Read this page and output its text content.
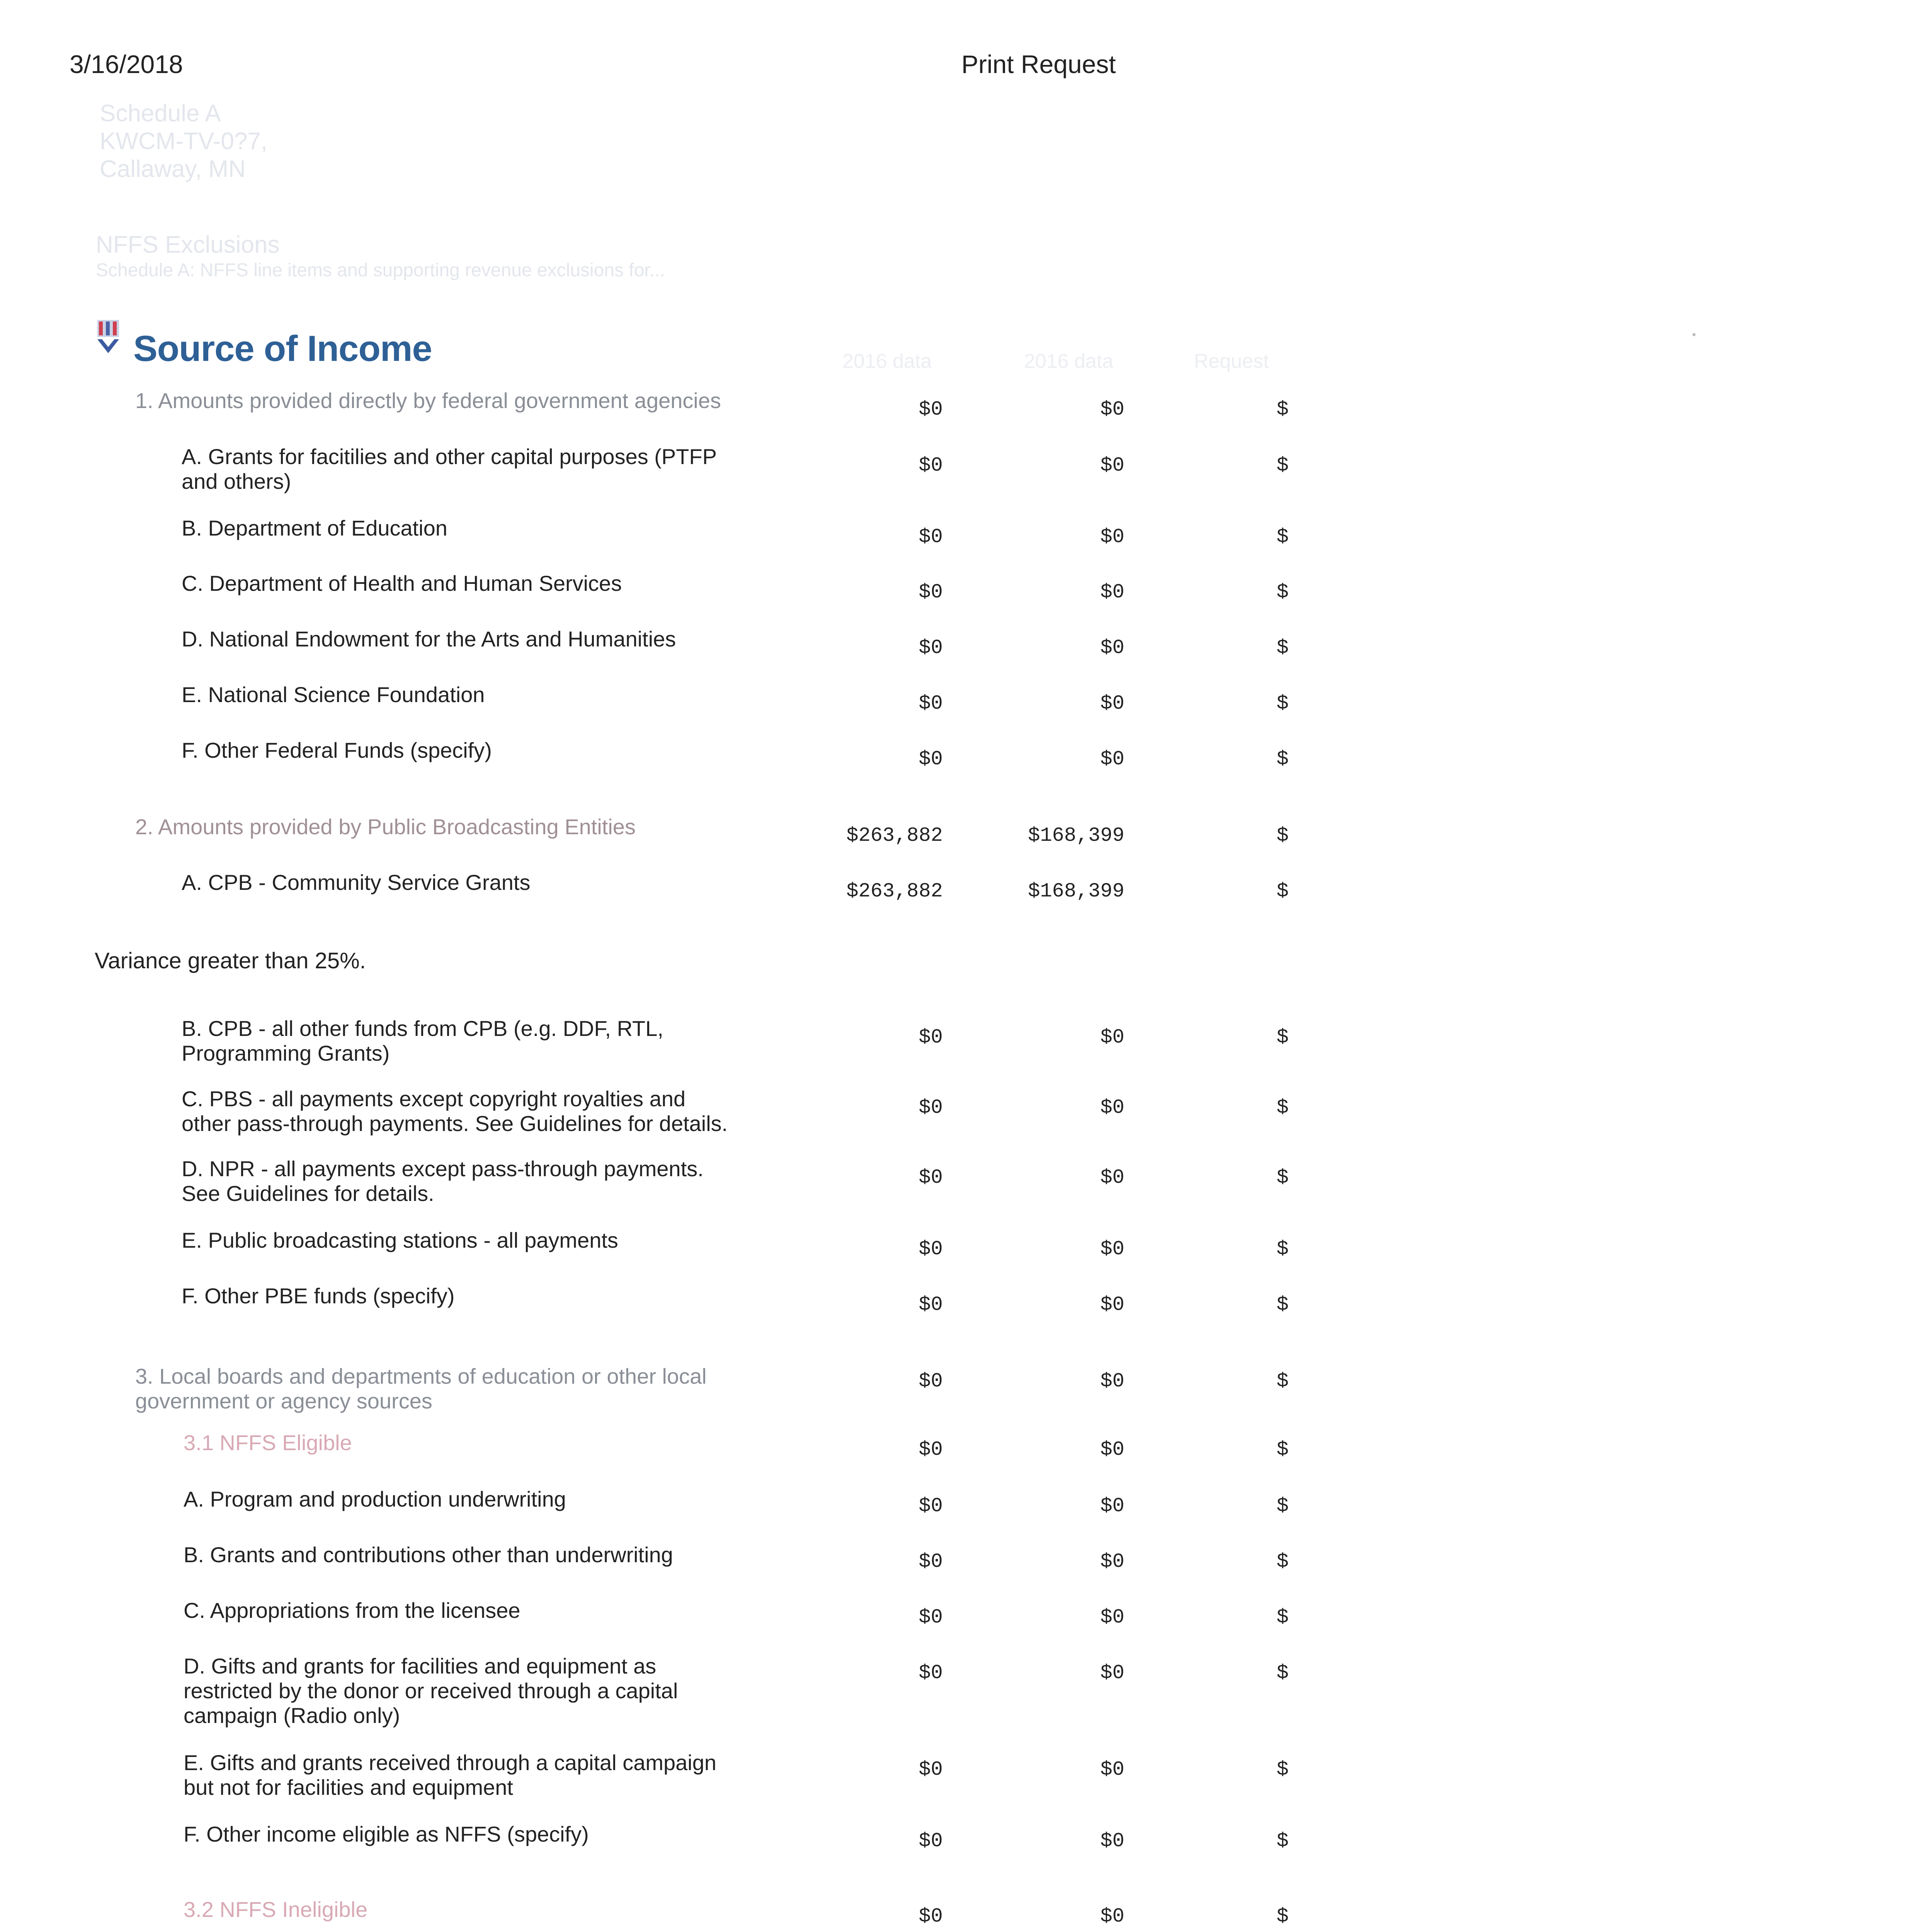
3/16/2018	Print Request
Schedule A
KWCM-TV-0?7,
Callaway, MN
NFFS Exclusions
Schedule A: NFFS line items and supporting revenue exclusions for...
Source of Income	2016 data	2016 data	Request
1. Amounts provided directly by federal government agencies	$0	$0	$
A. Grants for facitilies and other capital purposes (PTFP
and others)
$0	$0	$
B. Department of Education	$0	$0	$
C. Department of Health and Human Services	$0	$0	$
D. National Endowment for the Arts and Humanities	$0	$0	$
E. National Science Foundation	$0	$0	$
F. Other Federal Funds (specify)	$0	$0	$
2. Amounts provided by Public Broadcasting Entities	$263,882	$168,399	$
A. CPB - Community Service Grants	$263,882	$168,399	$
Variance greater than 25%.
B. CPB - all other funds from CPB (e.g. DDF, RTL,
Programming Grants)
$0	$0	$
C. PBS - all payments except copyright royalties and
other pass-through payments. See Guidelines for details.
$0	$0	$
D. NPR - all payments except pass-through payments.
See Guidelines for details.
$0	$0	$
E. Public broadcasting stations - all payments	$0	$0	$
F. Other PBE funds (specify)	$0	$0	$
3. Local boards and departments of education or other local
government or agency sources
$0	$0	$
3.1 NFFS Eligible	$0	$0	$
A. Program and production underwriting	$0	$0	$
B. Grants and contributions other than underwriting	$0	$0	$
C. Appropriations from the licensee	$0	$0	$
D. Gifts and grants for facilities and equipment as
restricted by the donor or received through a capital
campaign (Radio only)
$0	$0	$
E. Gifts and grants received through a capital campaign
but not for facilities and equipment
$0	$0	$
F. Other income eligible as NFFS (specify)	$0	$0	$
3.2 NFFS Ineligible	$0	$0	$
